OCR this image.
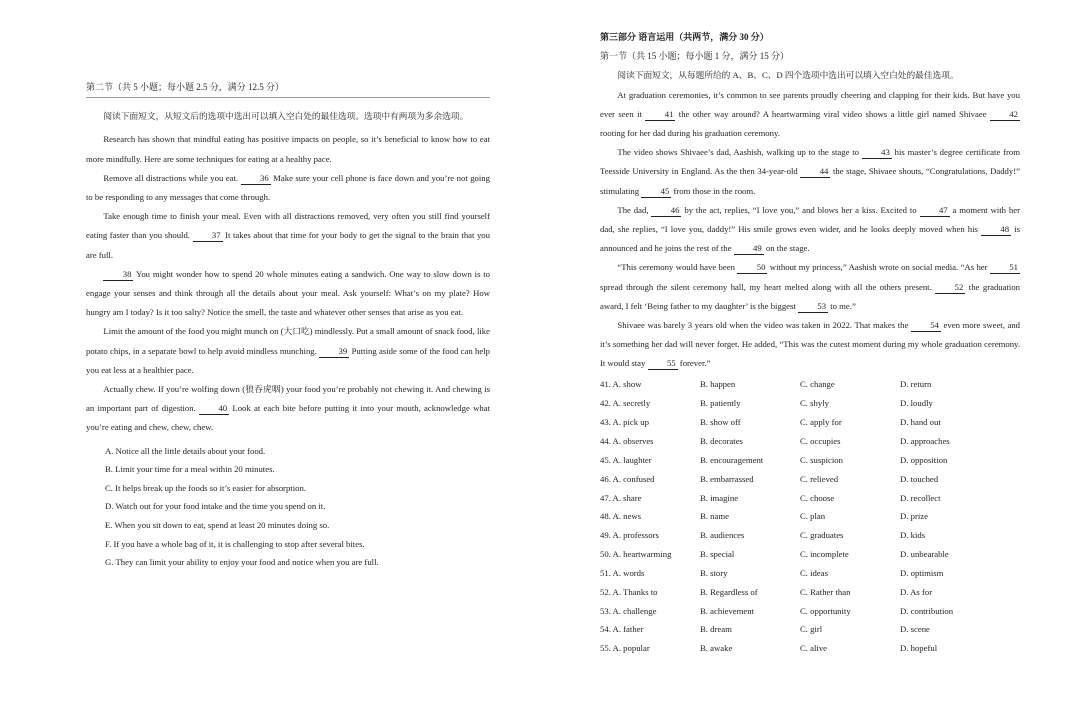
第二节（共 5 小题；每小题 2.5 分，满分 12.5 分）

阅读下面短文，从短文后的选项中选出可以填入空白处的最佳选项。选项中有两项为多余选项。

Research has shown that mindful eating has positive impacts on people, so it’s beneficial to know how to eat more mindfully. Here are some techniques for eating at a healthy pace.

Remove all distractions while you eat. 36 Make sure your cell phone is face down and you’re not going to be responding to any messages that come through.

Take enough time to finish your meal. Even with all distractions removed, very often you still find yourself eating faster than you should. 37 It takes about that time for your body to get the signal to the brain that you are full.

38 You might wonder how to spend 20 whole minutes eating a sandwich. One way to slow down is to engage your senses and think through all the details about your meal. Ask yourself: What’s on my plate? How hungry am I today? Is it too salty? Notice the smell, the taste and whatever other senses that arise as you eat.

Limit the amount of the food you might munch on (大口吃) mindlessly. Put a small amount of snack food, like potato chips, in a separate bowl to help avoid mindless munching. 39 Putting aside some of the food can help you eat less at a healthier pace.

Actually chew. If you’re wolfing down (狼吞虎咽) your food you’re probably not chewing it. And chewing is an important part of digestion. 40 Look at each bite before putting it into your mouth, acknowledge what you’re eating and chew, chew, chew.

A. Notice all the little details about your food.

B. Limit your time for a meal within 20 minutes.

C. It helps break up the foods so it’s easier for absorption.

D. Watch out for your food intake and the time you spend on it.

E. When you sit down to eat, spend at least 20 minutes doing so.

F. If you have a whole bag of it, it is challenging to stop after several bites.

G. They can limit your ability to enjoy your food and notice when you are full.

第三部分 语言运用（共两节，满分 30 分）
第一节（共 15 小题；每小题 1 分，满分 15 分）

阅读下面短文，从每题所给的 A、B、C、D 四个选项中选出可以填入空白处的最佳选项。

At graduation ceremonies, it’s common to see parents proudly cheering and clapping for their kids. But have you ever seen it 41 the other way around? A heartwarming viral video shows a little girl named Shivaee 42 rooting for her dad during his graduation ceremony.

The video shows Shivaee’s dad, Aashish, walking up to the stage to 43 his master’s degree certificate from Teesside University in England. As the then 34-year-old 44 the stage, Shivaee shouts, “Congratulations, Daddy!” stimulating 45 from those in the room.

The dad, 46 by the act, replies, “I love you,” and blows her a kiss. Excited to 47 a moment with her dad, she replies, “I love you, daddy!” His smile grows even wider, and he looks deeply moved when his 48 is announced and he joins the rest of the 49 on the stage.

“This ceremony would have been 50 without my princess,” Aashish wrote on social media. “As her 51 spread through the silent ceremony hall, my heart melted along with all the others present. 52 the graduation award, I felt ‘Being father to my daughter’ is the biggest 53 to me.”

Shivaee was barely 3 years old when the video was taken in 2022. That makes the 54 even more sweet, and it’s something her dad will never forget. He added, “This was the cutest moment during my whole graduation ceremony. It would stay 55 forever.”

41. A. show	B. happen	C. change	D. return
42. A. secretly	B. patiently	C. shyly	D. loudly
43. A. pick up	B. show off	C. apply for	D. hand out
44. A. observes	B. decorates	C. occupies	D. approaches
45. A. laughter	B. encouragement	C. suspicion	D. opposition
46. A. confused	B. embarrassed	C. relieved	D. touched
47. A. share	B. imagine	C. choose	D. recollect
48. A. news	B. name	C. plan	D. prize
49. A. professors	B. audiences	C. graduates	D. kids
50. A. heartwarming	B. special	C. incomplete	D. unbearable
51. A. words	B. story	C. ideas	D. optimism
52. A. Thanks to	B. Regardless of	C. Rather than	D. As for
53. A. challenge	B. achievement	C. opportunity	D. contribution
54. A. father	B. dream	C. girl	D. scene
55. A. popular	B. awake	C. alive	D. hopeful
